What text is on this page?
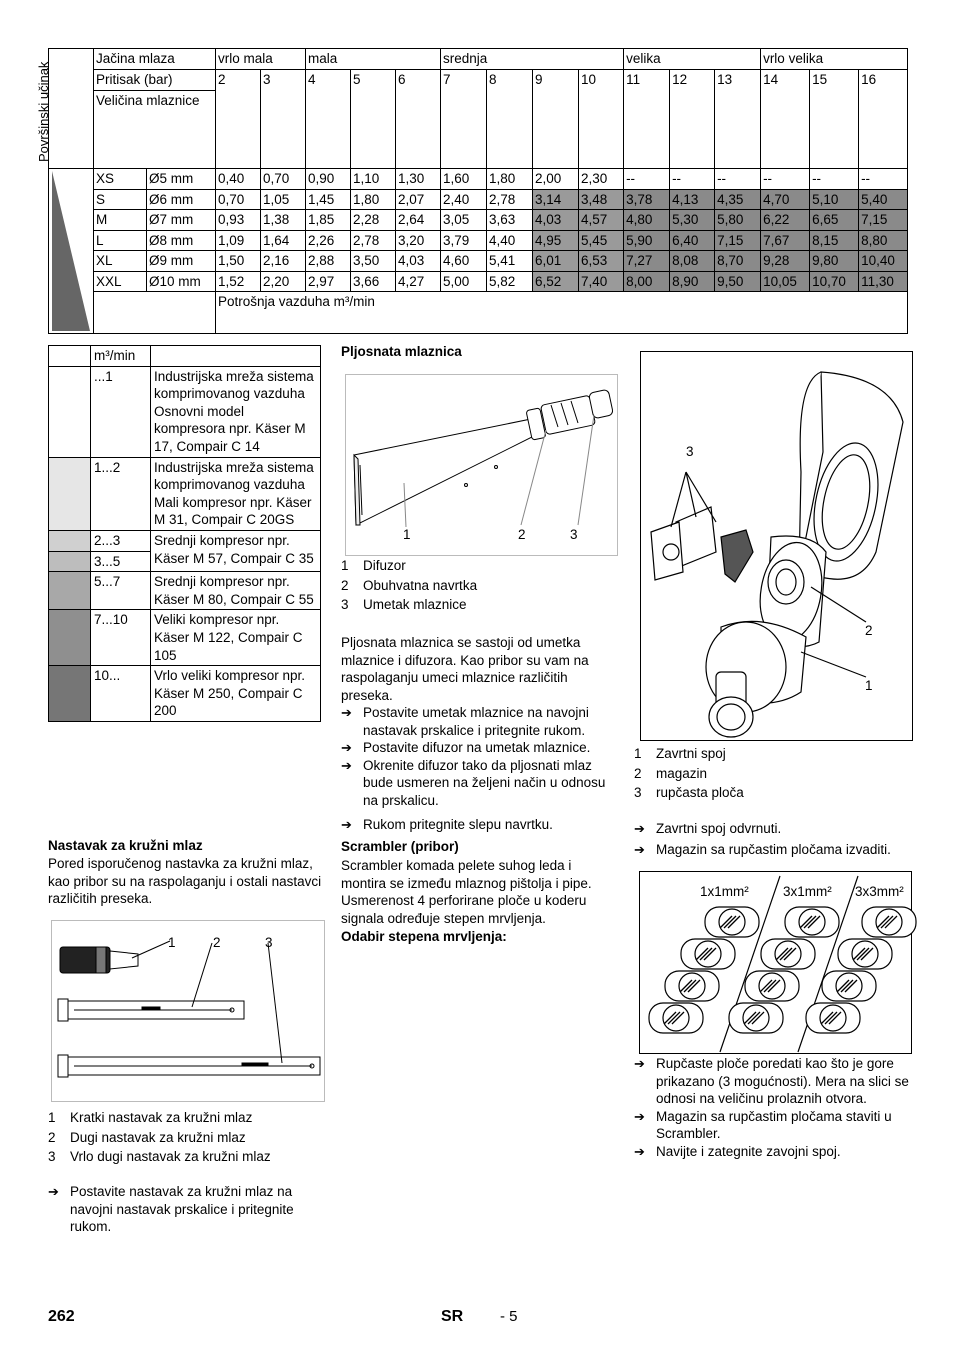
Površinski učinak	Jačina mlaza		vrlo mala		mala			srednja				velika			vrlo velika		
	Pritisak (bar)		2	3	4	5	6	7	8	9	10	11	12	13	14	15	16
	Veličina mlaznice																

	XS	Ø5 mm	0,40	0,70	0,90	1,10	1,30	1,60	1,80	2,00	2,30	--	--	--	--	--	--
	S	Ø6 mm	0,70	1,05	1,45	1,80	2,07	2,40	2,78	3,14	3,48	3,78	4,13	4,35	4,70	5,10	5,40
	M	Ø7 mm	0,93	1,38	1,85	2,28	2,64	3,05	3,63	4,03	4,57	4,80	5,30	5,80	6,22	6,65	7,15
	L	Ø8 mm	1,09	1,64	2,26	2,78	3,20	3,79	4,40	4,95	5,45	5,90	6,40	7,15	7,67	8,15	8,80
	XL	Ø9 mm	1,50	2,16	2,88	3,50	4,03	4,60	5,41	6,01	6,53	7,27	8,08	8,70	9,28	9,80	10,40
	XXL	Ø10 mm	1,52	2,20	2,97	3,66	4,27	5,00	5,82	6,52	7,40	8,00	8,90	9,50	10,05	10,70	11,30
			Potrošnja vazduha m³/min														
	m³/min	
	...1	Industrijska mreža sistema komprimovanog vazduha Osnovni model kompresora npr. Käser M 17, Compair C 14
	1...2	Industrijska mreža sistema komprimovanog vazduha Mali kompresor npr. Käser M 31, Compair C 20GS
	2...3	Srednji kompresor npr. Käser M 57, Compair C 35
	3...5	
	5...7	Srednji kompresor npr. Käser M 80, Compair C 55
	7...10	Veliki kompresor npr. Käser M 122, Compair C 105
	10...	Vrlo veliki kompresor npr. Käser M 250, Compair C 200
Nastavak za kružni mlaz
Pored isporučenog nastavka za kružni mlaz, kao pribor su na raspolaganju i ostali nastavci različitih preseka.
1	2	3
1	Kratki nastavak za kružni mlaz
2	Dugi nastavak za kružni mlaz
3	Vrlo dugi nastavak za kružni mlaz
➔ Postavite nastavak za kružni mlaz na navojni nastavak prskalice i pritegnite rukom.
Pljosnata mlaznica
1	2	3
1	Difuzor
2	Obuhvatna navrtka
3	Umetak mlaznice
Pljosnata mlaznica se sastoji od umetka mlaznice i difuzora. Kao pribor su vam na raspolaganju umeci mlaznice različitih preseka.
➔ Postavite umetak mlaznice na navojni nastavak prskalice i pritegnite rukom.
➔ Postavite difuzor na umetak mlaznice.
➔ Okrenite difuzor tako da pljosnati mlaz bude usmeren na željeni način u odnosu na prskalicu.
➔ Rukom pritegnite slepu navrtku.
Scrambler (pribor)
Scrambler komada pelete suhog leda i montira se između mlaznog pištolja i pipe. Usmerenost 4 perforirane ploče u koderu signala određuje stepen mrvljenja.
Odabir stepena mrvljenja:
3
2
1
1	Zavrtni spoj
2	magazin
3	rupčasta ploča
➔ Zavrtni spoj odvrnuti.
➔ Magazin sa rupčastim pločama izvaditi.
1x1mm²	3x1mm² 3x3mm²
➔ Rupčaste ploče poredati kao što je gore prikazano (3 mogućnosti). Mera na slici se odnosi na veličinu prolaznih otvora.
➔ Magazin sa rupčastim pločama staviti u Scrambler.
➔ Navijte i zategnite zavojni spoj.
262	SR - 5
